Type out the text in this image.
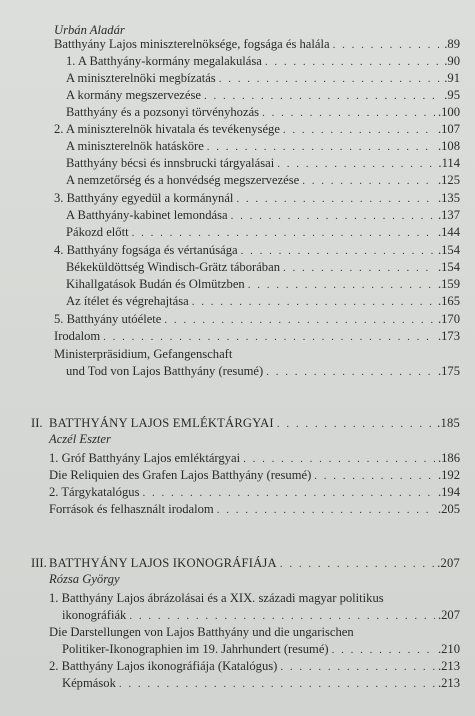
Urbán Aladár
Batthyány Lajos miniszterelnöksége, fogsága és halála . . .	.89
1. A Batthyány-kormány megalakulása . . .	.90
A miniszterelnöki megbízatás . . .	.91
A kormány megszervezése . . .	.95
Batthyány és a pozsonyi törvényhozás . . .	.100
2. A miniszterelnök hivatala és tevékenysége . . .	.107
A miniszterelnök hatásköre . . .	.108
Batthyány bécsi és innsbrucki tárgyalásai . . .	.114
A nemzetőrség és a honvédség megszervezése . . .	.125
3. Batthyány egyedül a kormánynál . . .	.135
A Batthyány-kabinet lemondása . . .	.137
Pákozd előtt . . .	.144
4. Batthyány fogsága és vértanúsága . . .	.154
Békeküldöttség Windisch-Grätz táborában . . .	.154
Kihallgatások Budán és Olmützben . . .	.159
Az ítélet és végrehajtása . . .	.165
5. Batthyány utóélete . . .	.170
Irodalom . . .	.173
Ministerpräsidium, Gefangenschaft
und Tod von Lajos Batthyány (resumé) . . .	.175
II. BATTHYÁNY LAJOS EMLÉKTÁRGYAI . . .	.185
Aczél Eszter
1. Gróf Batthyány Lajos emléktárgyai . . .	.186
Die Reliquien des Grafen Lajos Batthyány (resumé) . . .	.192
2. Tárgykatalógus . . .	.194
Források és felhasznált irodalom . . .	.205
III. BATTHYÁNY LAJOS IKONOGRÁFIÁJA . . .	.207
Rózsa György
1. Batthyány Lajos ábrázolásai és a XIX. századi magyar politikus
ikonográfiák . . .	.207
Die Darstellungen von Lajos Batthyány und die ungarischen
Politiker-Ikonographien im 19. Jahrhundert (resumé) . . .	.210
2. Batthyány Lajos ikonográfiája (Katalógus) . . .	.213
Képmások . . .	.213
